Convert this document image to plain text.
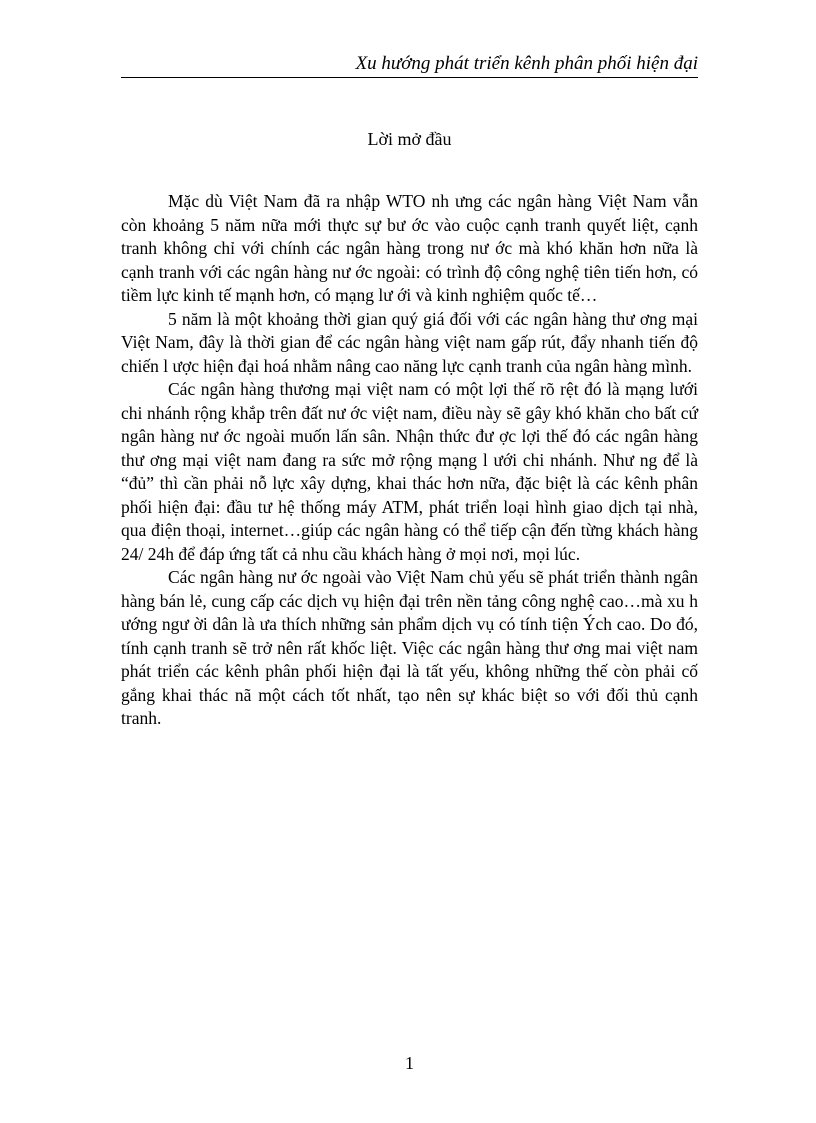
Xu hướng phát triển kênh phân phối hiện đại
Lời mở đầu

Mặc dù Việt Nam đã ra nhập WTO nh ưng các ngân hàng Việt Nam vẫn còn khoảng 5 năm nữa mới thực sự bư ớc vào cuộc cạnh tranh quyết liệt, cạnh tranh không chỉ với chính các ngân hàng trong nư ớc mà khó khăn hơn nữa là cạnh tranh với các ngân hàng nư ớc ngoài: có trình độ công nghệ tiên tiến hơn, có tiềm lực kinh tế mạnh hơn, có mạng lư ới và kinh nghiệm quốc tế…

5 năm là một khoảng thời gian quý giá đối với các ngân hàng thư ơng mại Việt Nam, đây là thời gian để các ngân hàng việt nam gấp rút, đẩy nhanh tiến độ chiến l ược hiện đại hoá nhằm nâng cao năng lực cạnh tranh của ngân hàng mình.

Các ngân hàng thương mại việt nam có một lợi thế rõ rệt đó là mạng lưới chi nhánh rộng khắp trên đất nư ớc việt nam, điều này sẽ gây khó khăn cho bất cứ ngân hàng nư ớc ngoài muốn lấn sân. Nhận thức đư ợc lợi thế đó các ngân hàng thư ơng mại việt nam đang ra sức mở rộng mạng l ưới chi nhánh. Như ng để là “đủ” thì cần phải nỗ lực xây dựng, khai thác hơn nữa, đặc biệt là các kênh phân phối hiện đại: đầu tư hệ thống máy ATM, phát triển loại hình giao dịch tại nhà, qua điện thoại, internet…giúp các ngân hàng có thể tiếp cận đến từng khách hàng 24/ 24h để đáp ứng tất cả nhu cầu khách hàng ở mọi nơi, mọi lúc.

Các ngân hàng nư ớc ngoài vào Việt Nam chủ yếu sẽ phát triển thành ngân hàng bán lẻ, cung cấp các dịch vụ hiện đại trên nền tảng công nghệ cao…mà xu h ướng ngư ời dân là ưa thích những sản phẩm dịch vụ có tính tiện Ých cao. Do đó, tính cạnh tranh sẽ trở nên rất khốc liệt. Việc các ngân hàng thư ơng mai việt nam phát triển các kênh phân phối hiện đại là tất yếu, không những thế còn phải cố gắng khai thác nã một cách tốt nhất, tạo nên sự khác biệt so với đối thủ cạnh tranh.

1
